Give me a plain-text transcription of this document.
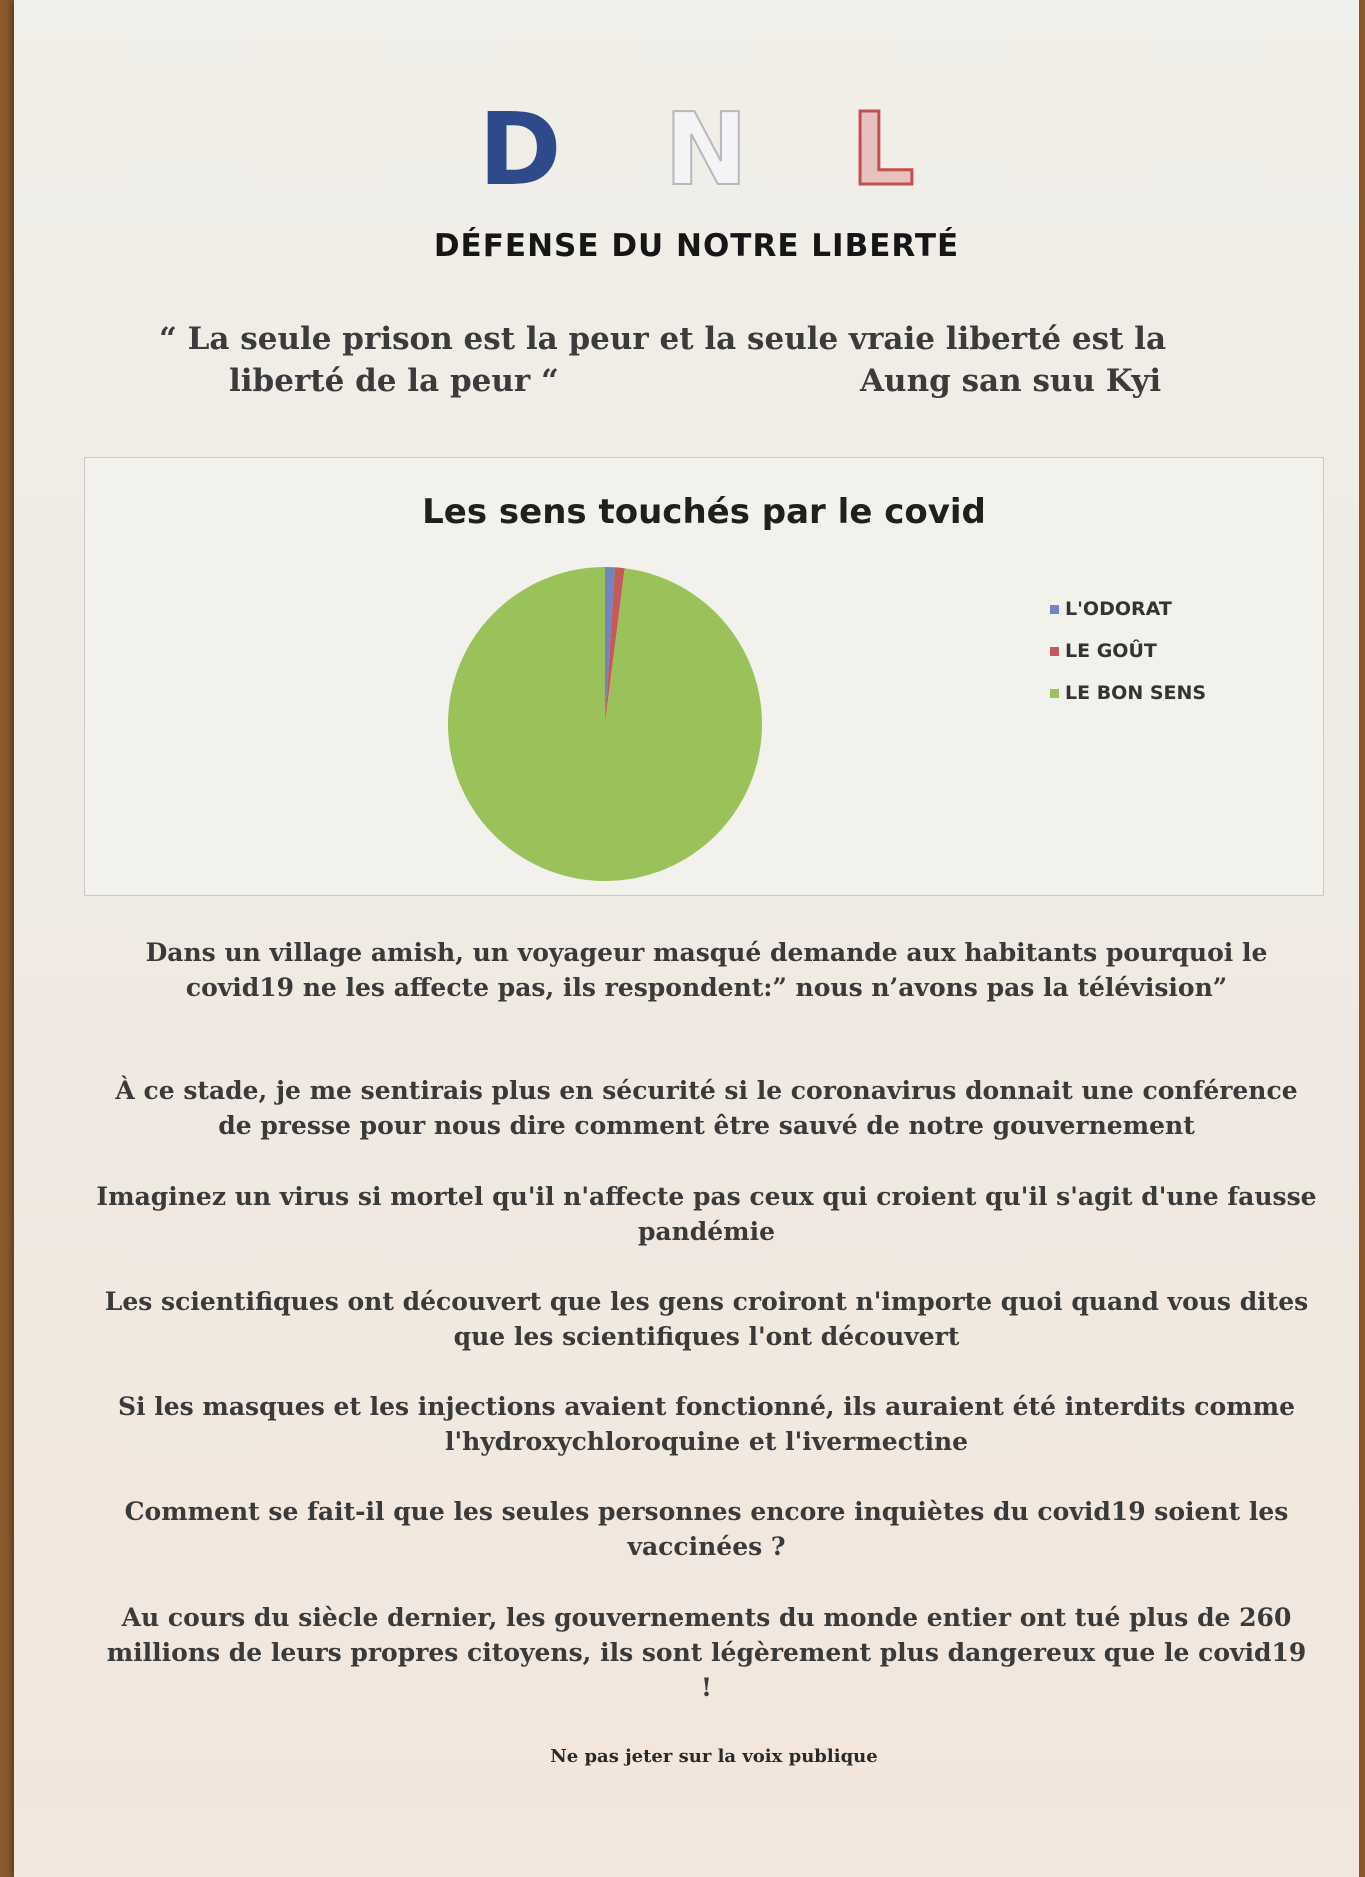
D N L
DÉFENSE DU NOTRE LIBERTÉ
“ La seule prison est la peur et la seule vraie liberté est la
liberté de la peur “	Aung san suu Kyi
Les sens touchés par le covid
L'ODORAT
LE GOÛT
LE BON SENS
Dans un village amish, un voyageur masqué demande aux habitants pourquoi le
covid19 ne les affecte pas, ils respondent:” nous n’avons pas la télévision”
À ce stade, je me sentirais plus en sécurité si le coronavirus donnait une conférence
de presse pour nous dire comment être sauvé de notre gouvernement
Imaginez un virus si mortel qu'il n'affecte pas ceux qui croient qu'il s'agit d'une fausse
pandémie
Les scientifiques ont découvert que les gens croiront n'importe quoi quand vous dites
que les scientifiques l'ont découvert
Si les masques et les injections avaient fonctionné, ils auraient été interdits comme
l'hydroxychloroquine et l'ivermectine
Comment se fait-il que les seules personnes encore inquiètes du covid19 soient les
vaccinées ?
Au cours du siècle dernier, les gouvernements du monde entier ont tué plus de 260
millions de leurs propres citoyens, ils sont légèrement plus dangereux que le covid19
!
Ne pas jeter sur la voix publique
